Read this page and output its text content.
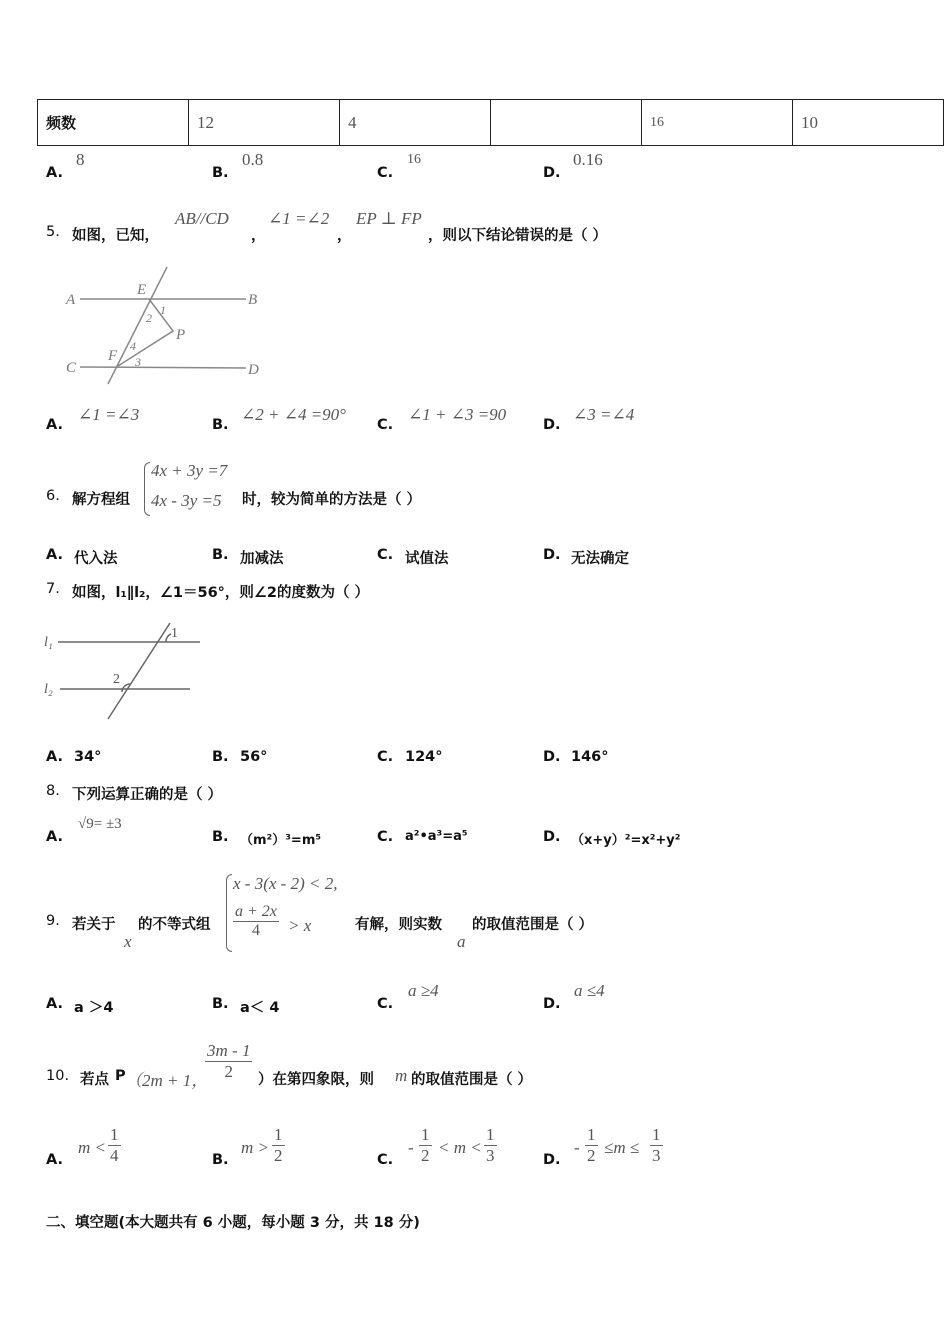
频数	12	4		16	10
A.
8
B.
0.8
C.
16
D.
0.16
5. 如图，已知，
AB//CD
，
∠1 =∠2
，
EP ⊥ FP
，则以下结论错误的是（ ）
A	B
C	D
E
F
P
1
2
3
4
A.
∠1 =∠3
B.
∠2 + ∠4 =90°
C.
∠1 + ∠3 =90
D.
∠3 =∠4
6. 解方程组
4x + 3y =7
4x - 3y =5 时，较为简单的方法是（ ）
A. 代入法	B. 加减法	C. 试值法	D. 无法确定
7. 如图，l₁∥l₂，∠1＝56°，则∠2的度数为（ ）
l₁
l₂
1
2
A. 34°	B. 56°	C. 124°	D. 146°
8. 下列运算正确的是（ ）
A.
√9= ±3
B. （m²）³=m⁵	C. a²•a³=a⁵	D. （x+y）²=x²+y²
9. 若关于
x
的不等式组
x - 3(x - 2) < 2,
$\frac{a + 2x}{4} > x$	有解，则实数
a
的取值范围是（ ）
A. a ＞4	B. a＜ 4	C.
a ≥4
D.
a ≤4
10. 若点 P （2m + 1，
$\frac{3m - 1}{2}$ ）在第四象限，则 m 的取值范围是（ ）
A.
$m < \frac{1}{4}$	B.
$m > \frac{1}{2}$	C.
- $\frac{1}{2} < m < \frac{1}{3}$	D.
- $\frac{1}{2} \le m \le \frac{1}{3}$
二、填空题(本大题共有 6 小题，每小题 3 分，共 18 分)
